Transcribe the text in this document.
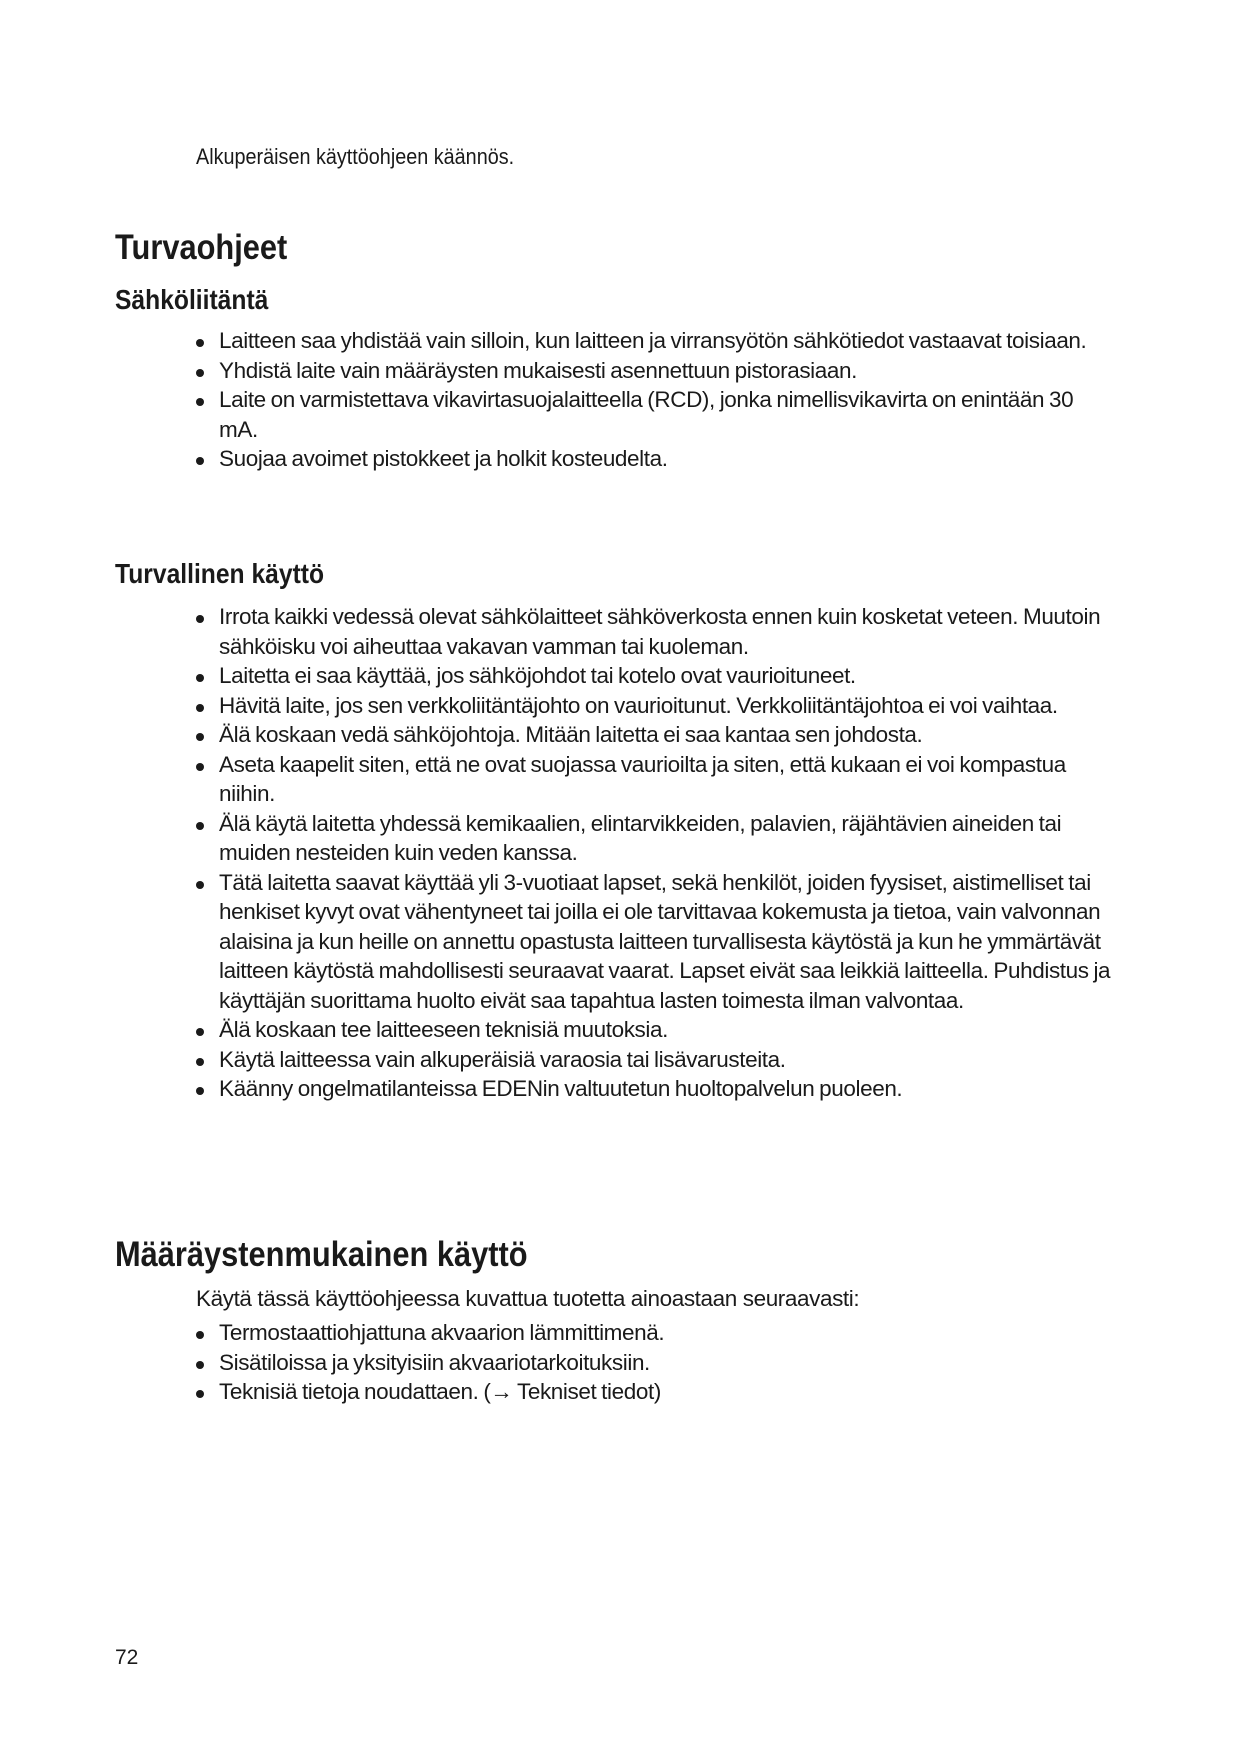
Alkuperäisen käyttöohjeen käännös.
Turvaohjeet
Sähköliitäntä
Laitteen saa yhdistää vain silloin, kun laitteen ja virransyötön sähkötiedot vastaavat toisiaan.
Yhdistä laite vain määräysten mukaisesti asennettuun pistorasiaan.
Laite on varmistettava vikavirtasuojalaitteella (RCD), jonka nimellisvikavirta on enintään 30 mA.
Suojaa avoimet pistokkeet ja holkit kosteudelta.
Turvallinen käyttö
Irrota kaikki vedessä olevat sähkölaitteet sähköverkosta ennen kuin kosketat veteen. Muutoin sähköisku voi aiheuttaa vakavan vamman tai kuoleman.
Laitetta ei saa käyttää, jos sähköjohdot tai kotelo ovat vaurioituneet.
Hävitä laite, jos sen verkkoliitäntäjohto on vaurioitunut. Verkkoliitäntäjohtoa ei voi vaihtaa.
Älä koskaan vedä sähköjohtoja. Mitään laitetta ei saa kantaa sen johdosta.
Aseta kaapelit siten, että ne ovat suojassa vaurioilta ja siten, että kukaan ei voi kompastua niihin.
Älä käytä laitetta yhdessä kemikaalien, elintarvikkeiden, palavien, räjähtävien aineiden tai muiden nesteiden kuin veden kanssa.
Tätä laitetta saavat käyttää yli 3-vuotiaat lapset, sekä henkilöt, joiden fyysiset, aistimelliset tai henkiset kyvyt ovat vähentyneet tai joilla ei ole tarvittavaa kokemusta ja tietoa, vain valvonnan alaisina ja kun heille on annettu opastusta laitteen turvallisesta käytöstä ja kun he ymmärtävät laitteen käytöstä mahdollisesti seuraavat vaarat. Lapset eivät saa leikkiä laitteella. Puhdistus ja käyttäjän suorittama huolto eivät saa tapahtua lasten toimesta ilman valvontaa.
Älä koskaan tee laitteeseen teknisiä muutoksia.
Käytä laitteessa vain alkuperäisiä varaosia tai lisävarusteita.
Käänny ongelmatilanteissa EDENin valtuutetun huoltopalvelun puoleen.
Määräystenmukainen käyttö
Käytä tässä käyttöohjeessa kuvattua tuotetta ainoastaan seuraavasti:
Termostaattiohjattuna akvaarion lämmittimenä.
Sisätiloissa ja yksityisiin akvaariotarkoituksiin.
Teknisiä tietoja noudattaen. (→ Tekniset tiedot)
72
